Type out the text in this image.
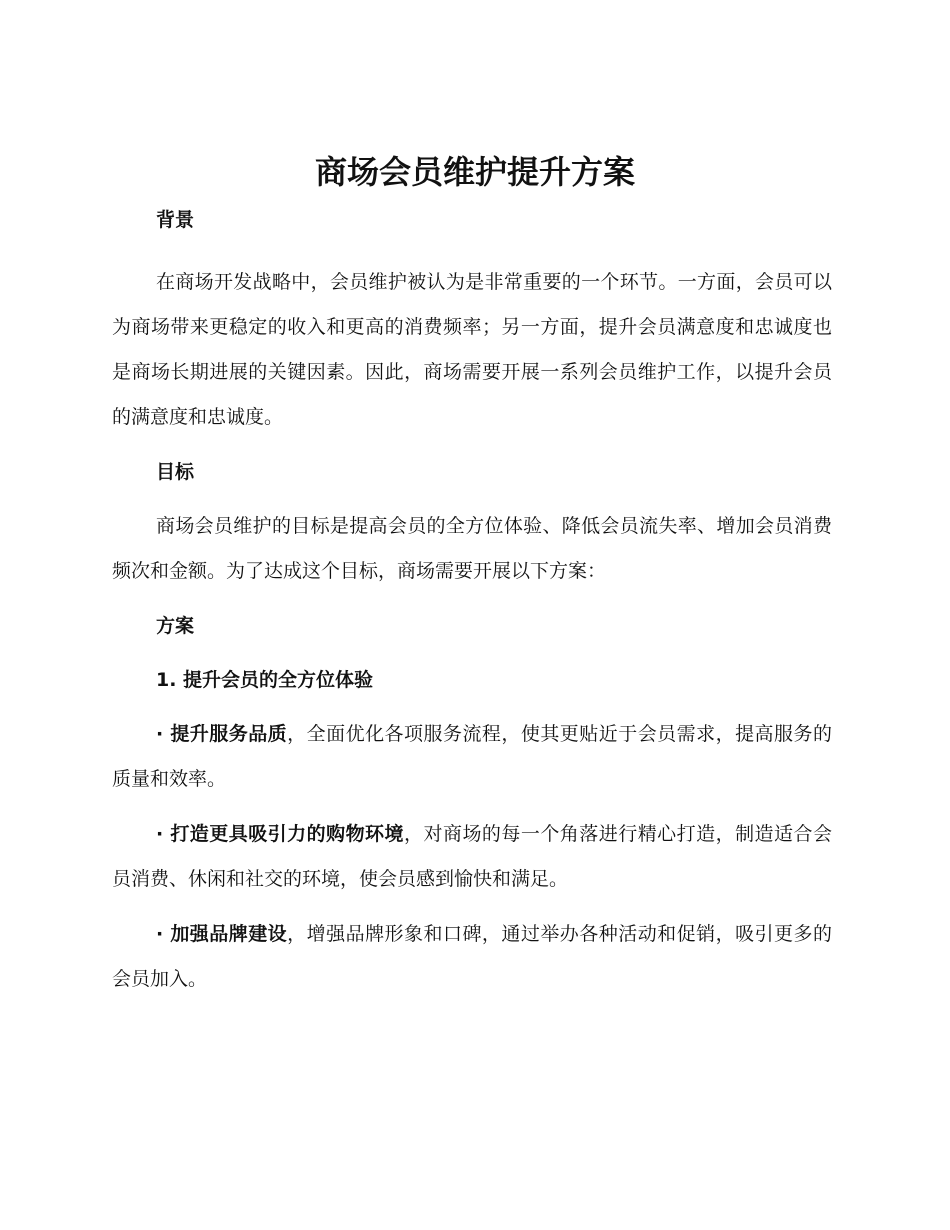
商场会员维护提升方案

背景

在商场开发战略中，会员维护被认为是非常重要的一个环节。一方面，会员可以为商场带来更稳定的收入和更高的消费频率；另一方面，提升会员满意度和忠诚度也是商场长期进展的关键因素。因此，商场需要开展一系列会员维护工作，以提升会员的满意度和忠诚度。

目标

商场会员维护的目标是提高会员的全方位体验、降低会员流失率、增加会员消费频次和金额。为了达成这个目标，商场需要开展以下方案：

方案

1. 提升会员的全方位体验

· 提升服务品质，全面优化各项服务流程，使其更贴近于会员需求，提高服务的质量和效率。

· 打造更具吸引力的购物环境，对商场的每一个角落进行精心打造，制造适合会员消费、休闲和社交的环境，使会员感到愉快和满足。

· 加强品牌建设，增强品牌形象和口碑，通过举办各种活动和促销，吸引更多的会员加入。
